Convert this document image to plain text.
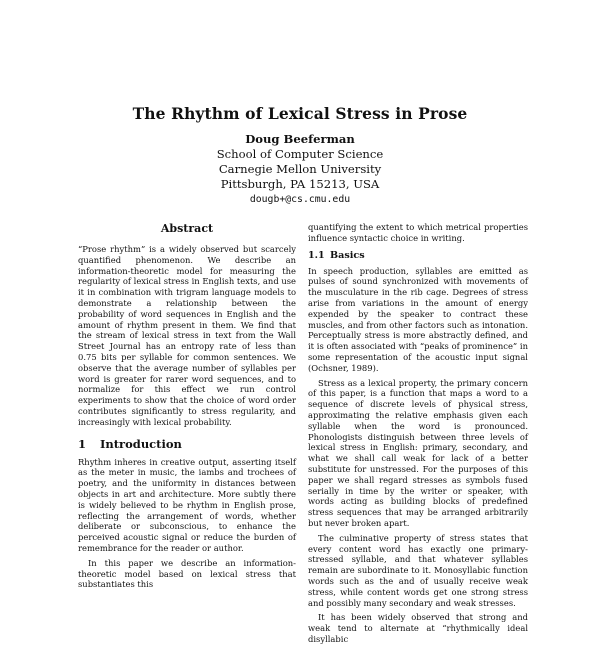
The Rhythm of Lexical Stress in Prose
Doug Beeferman
School of Computer Science
Carnegie Mellon University
Pittsburgh, PA 15213, USA
dougb+@cs.cmu.edu
Abstract

“Prose rhythm” is a widely observed but scarcely quantified phenomenon. We describe an information-theoretic model for measuring the regularity of lexical stress in English texts, and use it in combination with trigram language models to demonstrate a relationship between the probability of word sequences in English and the amount of rhythm present in them. We find that the stream of lexical stress in text from the Wall Street Journal has an entropy rate of less than 0.75 bits per syllable for common sentences. We observe that the average number of syllables per word is greater for rarer word sequences, and to normalize for this effect we run control experiments to show that the choice of word order contributes significantly to stress regularity, and increasingly with lexical probability.

1 Introduction

Rhythm inheres in creative output, asserting itself as the meter in music, the iambs and trochees of poetry, and the uniformity in distances between objects in art and architecture. More subtly there is widely believed to be rhythm in English prose, reflecting the arrangement of words, whether deliberate or subconscious, to enhance the perceived acoustic signal or reduce the burden of remembrance for the reader or author.

In this paper we describe an information-theoretic model based on lexical stress that substantiates this

quantifying the extent to which metrical properties influence syntactic choice in writing.

1.1 Basics

In speech production, syllables are emitted as pulses of sound synchronized with movements of the musculature in the rib cage. Degrees of stress arise from variations in the amount of energy expended by the speaker to contract these muscles, and from other factors such as intonation. Perceptually stress is more abstractly defined, and it is often associated with “peaks of prominence” in some representation of the acoustic input signal (Ochsner, 1989).

Stress as a lexical property, the primary concern of this paper, is a function that maps a word to a sequence of discrete levels of physical stress, approximating the relative emphasis given each syllable when the word is pronounced. Phonologists distinguish between three levels of lexical stress in English: primary, secondary, and what we shall call weak for lack of a better substitute for unstressed. For the purposes of this paper we shall regard stresses as symbols fused serially in time by the writer or speaker, with words acting as building blocks of predefined stress sequences that may be arranged arbitrarily but never broken apart.

The culminative property of stress states that every content word has exactly one primary-stressed syllable, and that whatever syllables remain are subordinate to it. Monosyllabic function words such as the and of usually receive weak stress, while content words get one strong stress and possibly many secondary and weak stresses.

It has been widely observed that strong and weak tend to alternate at “rhythmically ideal disyllabic
